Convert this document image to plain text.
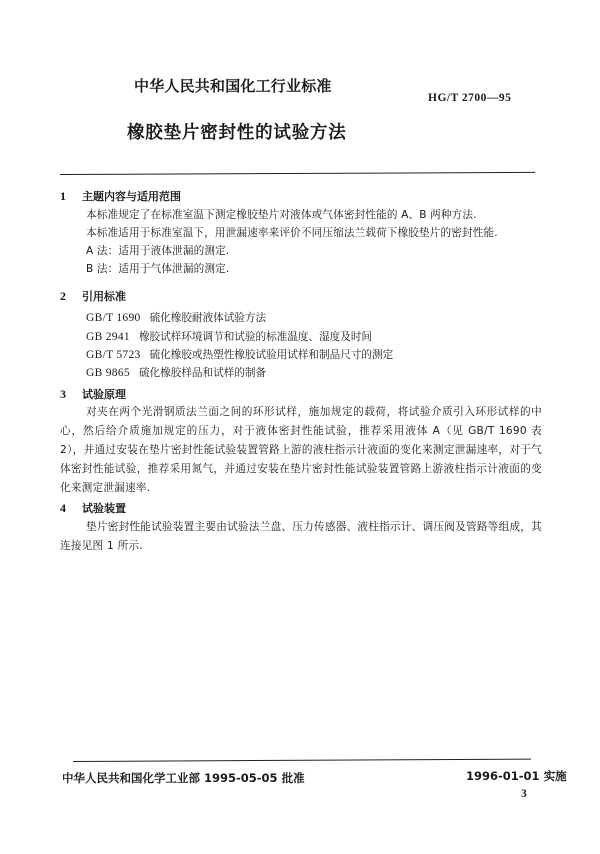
中华人民共和国化工行业标准
HG/T 2700—95
橡胶垫片密封性的试验方法
1 主题内容与适用范围
本标准规定了在标准室温下测定橡胶垫片对液体或气体密封性能的 A、B 两种方法.
本标准适用于标准室温下，用泄漏速率来评价不同压缩法兰载荷下橡胶垫片的密封性能.
A 法：适用于液体泄漏的测定.
B 法：适用于气体泄漏的测定.
2 引用标准
GB/T 1690 硫化橡胶耐液体试验方法
GB 2941 橡胶试样环境调节和试验的标准温度、湿度及时间
GB/T 5723 硫化橡胶或热塑性橡胶试验用试样和制品尺寸的测定
GB 9865 硫化橡胶样品和试样的制备
3 试验原理
对夹在两个光滑钢质法兰面之间的环形试样，施加规定的载荷，将试验介质引入环形试样的中心，然后给介质施加规定的压力，对于液体密封性能试验，推荐采用液体 A（见 GB/T 1690 表 2），并通过安装在垫片密封性能试验装置管路上游的液柱指示计液面的变化来测定泄漏速率，对于气体密封性能试验，推荐采用氮气，并通过安装在垫片密封性能试验装置管路上游液柱指示计液面的变化来测定泄漏速率.
4 试验装置
垫片密封性能试验装置主要由试验法兰盘、压力传感器、液柱指示计、调压阀及管路等组成，其连接见图 1 所示.
中华人民共和国化学工业部 1995-05-05 批准	1996-01-01 实施
3
